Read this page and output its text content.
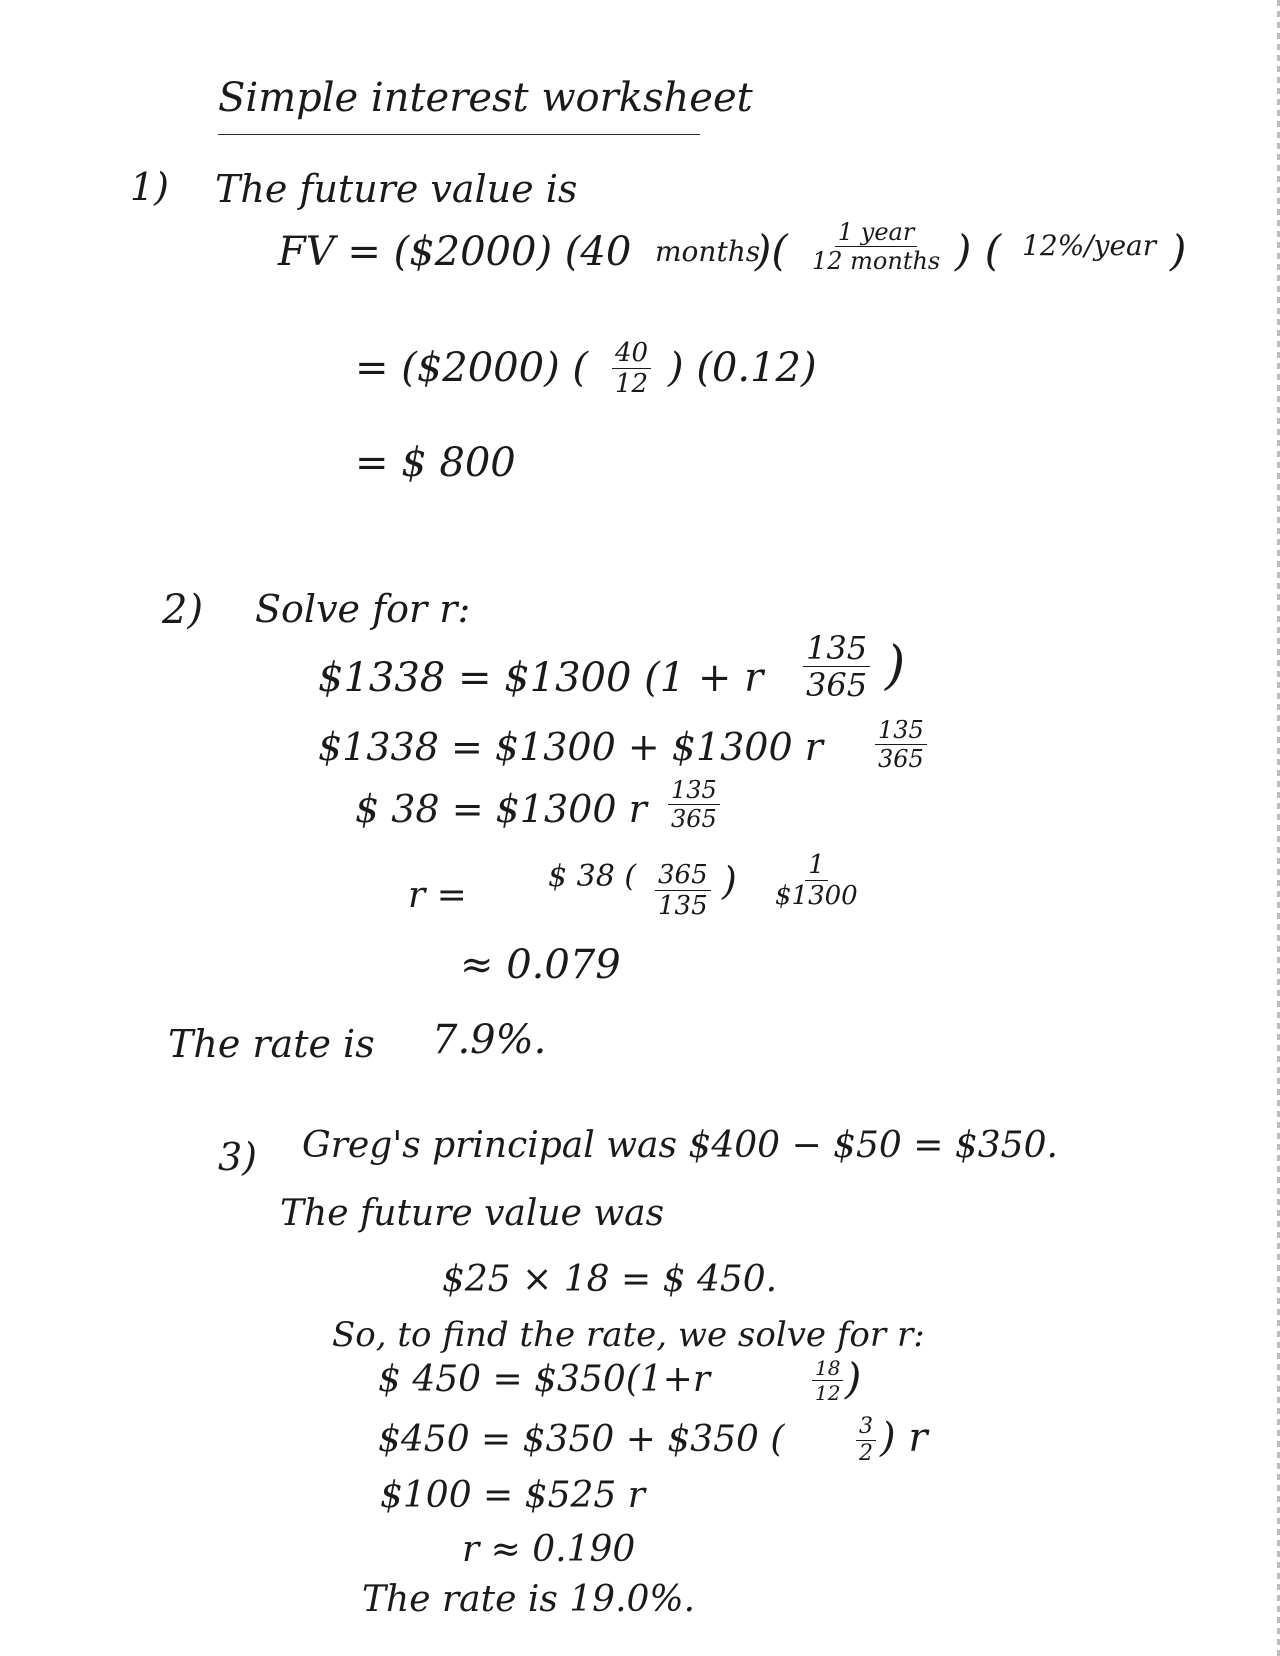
Simple interest worksheet
1) The future value is
FV = ($2000) (40 months
)( 1 year
12 months ) ( 12%/year )
= ($2000) ( $\frac{40}{12}$ ) (0.12)
= $ 800
2) Solve for r:
$1338 = $1300 (1 + r $\frac{135}{365}$ )
$1338 = $1300 + $1300 r $\frac{135}{365}$
$ 38 = $1300 r $\frac{135}{365}$
r =	$ 38 ( $\frac{365}{135}$ ) $\frac{1}{\$1300}$
≈ 0.079
The rate is 7.9%.
3) Greg's principal was $400 − $50 = $350.
The future value was
$25 × 18 = $ 450.
So, to find the rate, we solve for r:
$ 450 = $350(1+r	$\frac{18}{12}$ )
$450 = $350 + $350 (	$\frac{3}{2}$ ) r
$100 = $525 r
r ≈ 0.190
The rate is 19.0%.
